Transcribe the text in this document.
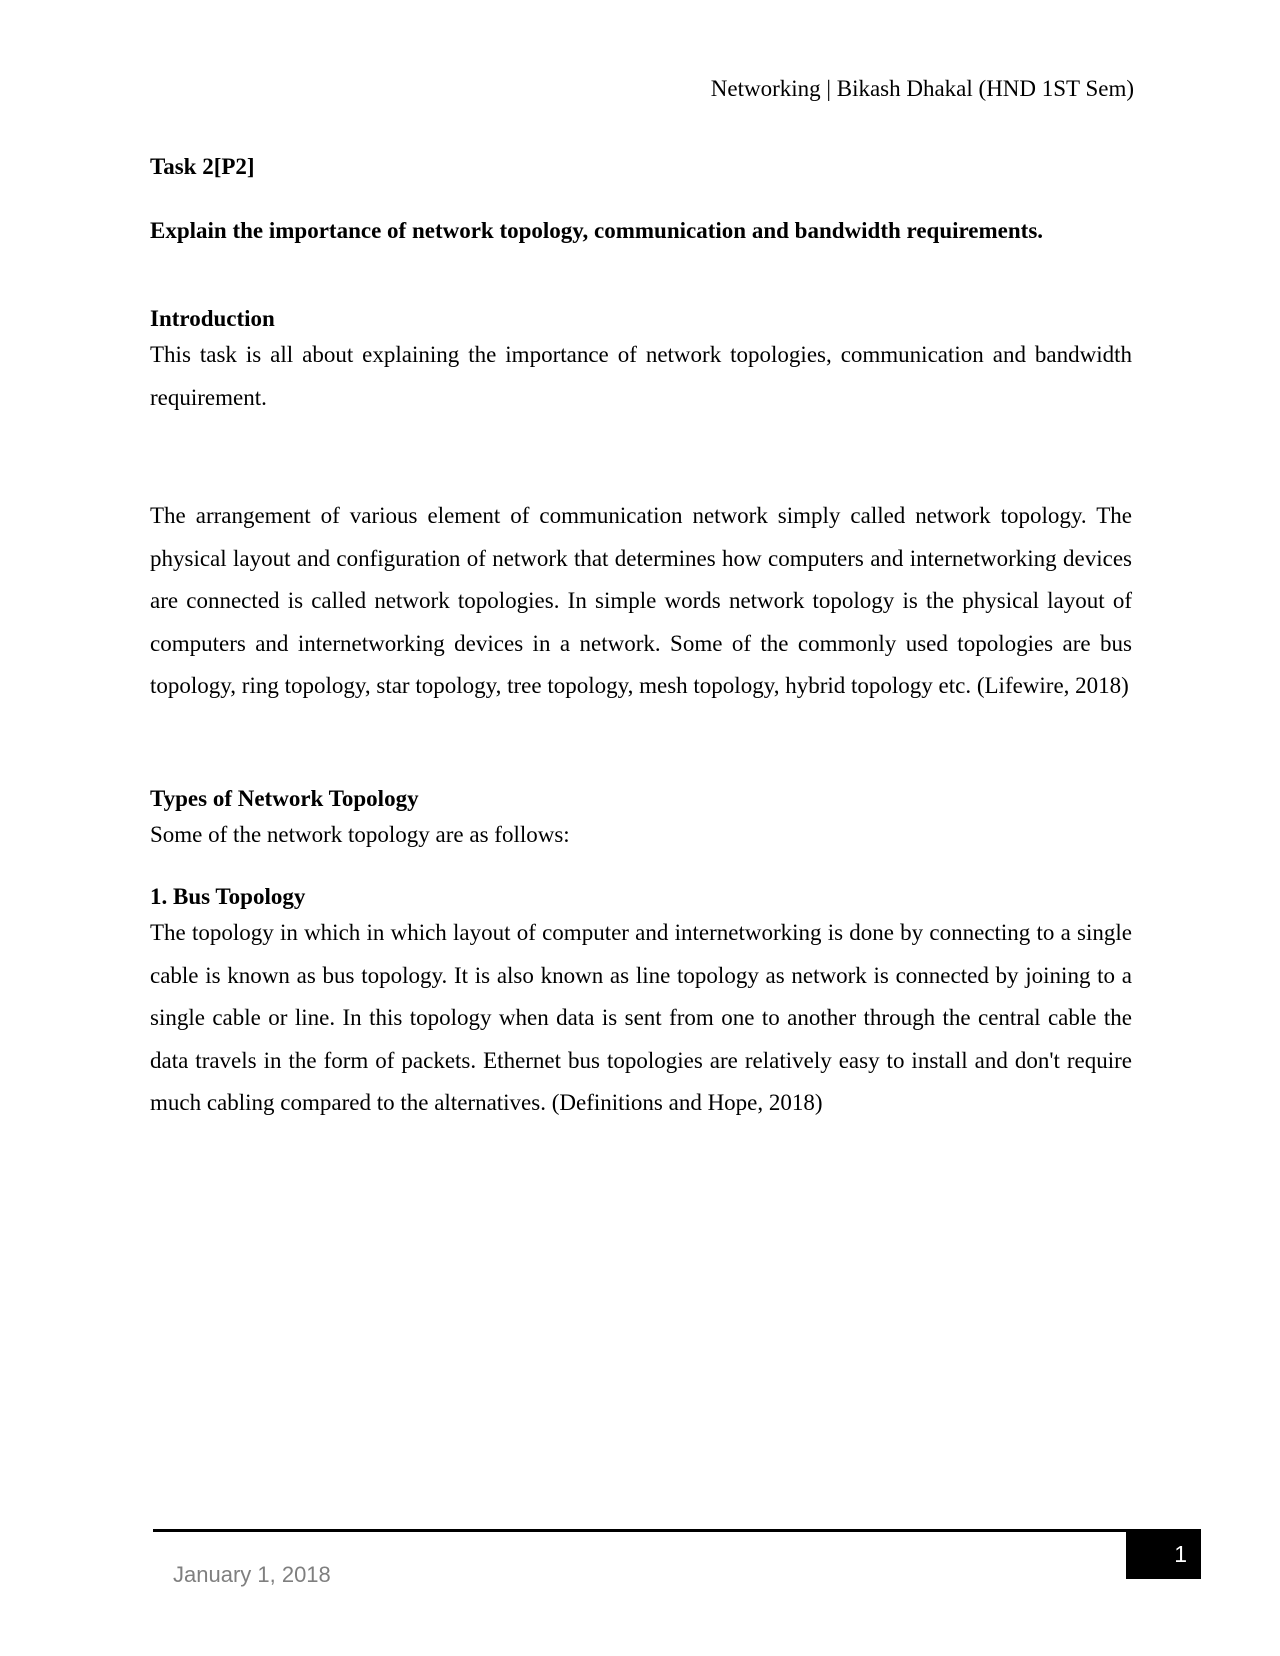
Networking | Bikash Dhakal (HND 1ST Sem)

Task 2[P2]

Explain the importance of network topology, communication and bandwidth requirements.

Introduction

This task is all about explaining the importance of network topologies, communication and bandwidth requirement.

The arrangement of various element of communication network simply called network topology. The physical layout and configuration of network that determines how computers and internetworking devices are connected is called network topologies. In simple words network topology is the physical layout of computers and internetworking devices in a network. Some of the commonly used topologies are bus topology, ring topology, star topology, tree topology, mesh topology, hybrid topology etc. (Lifewire, 2018)

Types of Network Topology

Some of the network topology are as follows:

1. Bus Topology

The topology in which in which layout of computer and internetworking is done by connecting to a single cable is known as bus topology. It is also known as line topology as network is connected by joining to a single cable or line. In this topology when data is sent from one to another through the central cable the data travels in the form of packets. Ethernet bus topologies are relatively easy to install and don't require much cabling compared to the alternatives. (Definitions and Hope, 2018)

1
January 1, 2018
